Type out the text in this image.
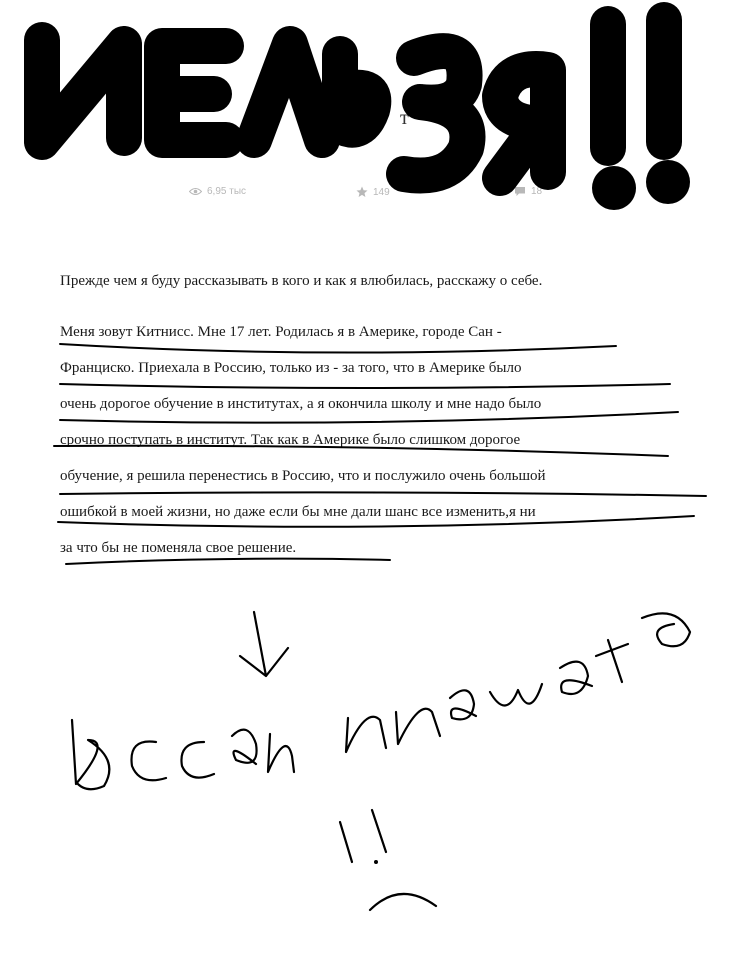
т
6,95 тыс	149	18

Прежде чем я буду рассказывать в кого и как я влюбилась, расскажу о себе.

Меня зовут Китнисс. Мне 17 лет. Родилась я в Америке, городе Сан -
Франциско. Приехала в Россию, только из - за того, что в Америке было
очень дорогое обучение в институтах, а я окончила школу и мне надо было
срочно поступать в институт. Так как в Америке было слишком дорогое
обучение, я решила перенестись в Россию, что и послужило очень большой
ошибкой в моей жизни, но даже если бы мне дали шанс все изменить,я ни
за что бы не поменяла свое решение.
